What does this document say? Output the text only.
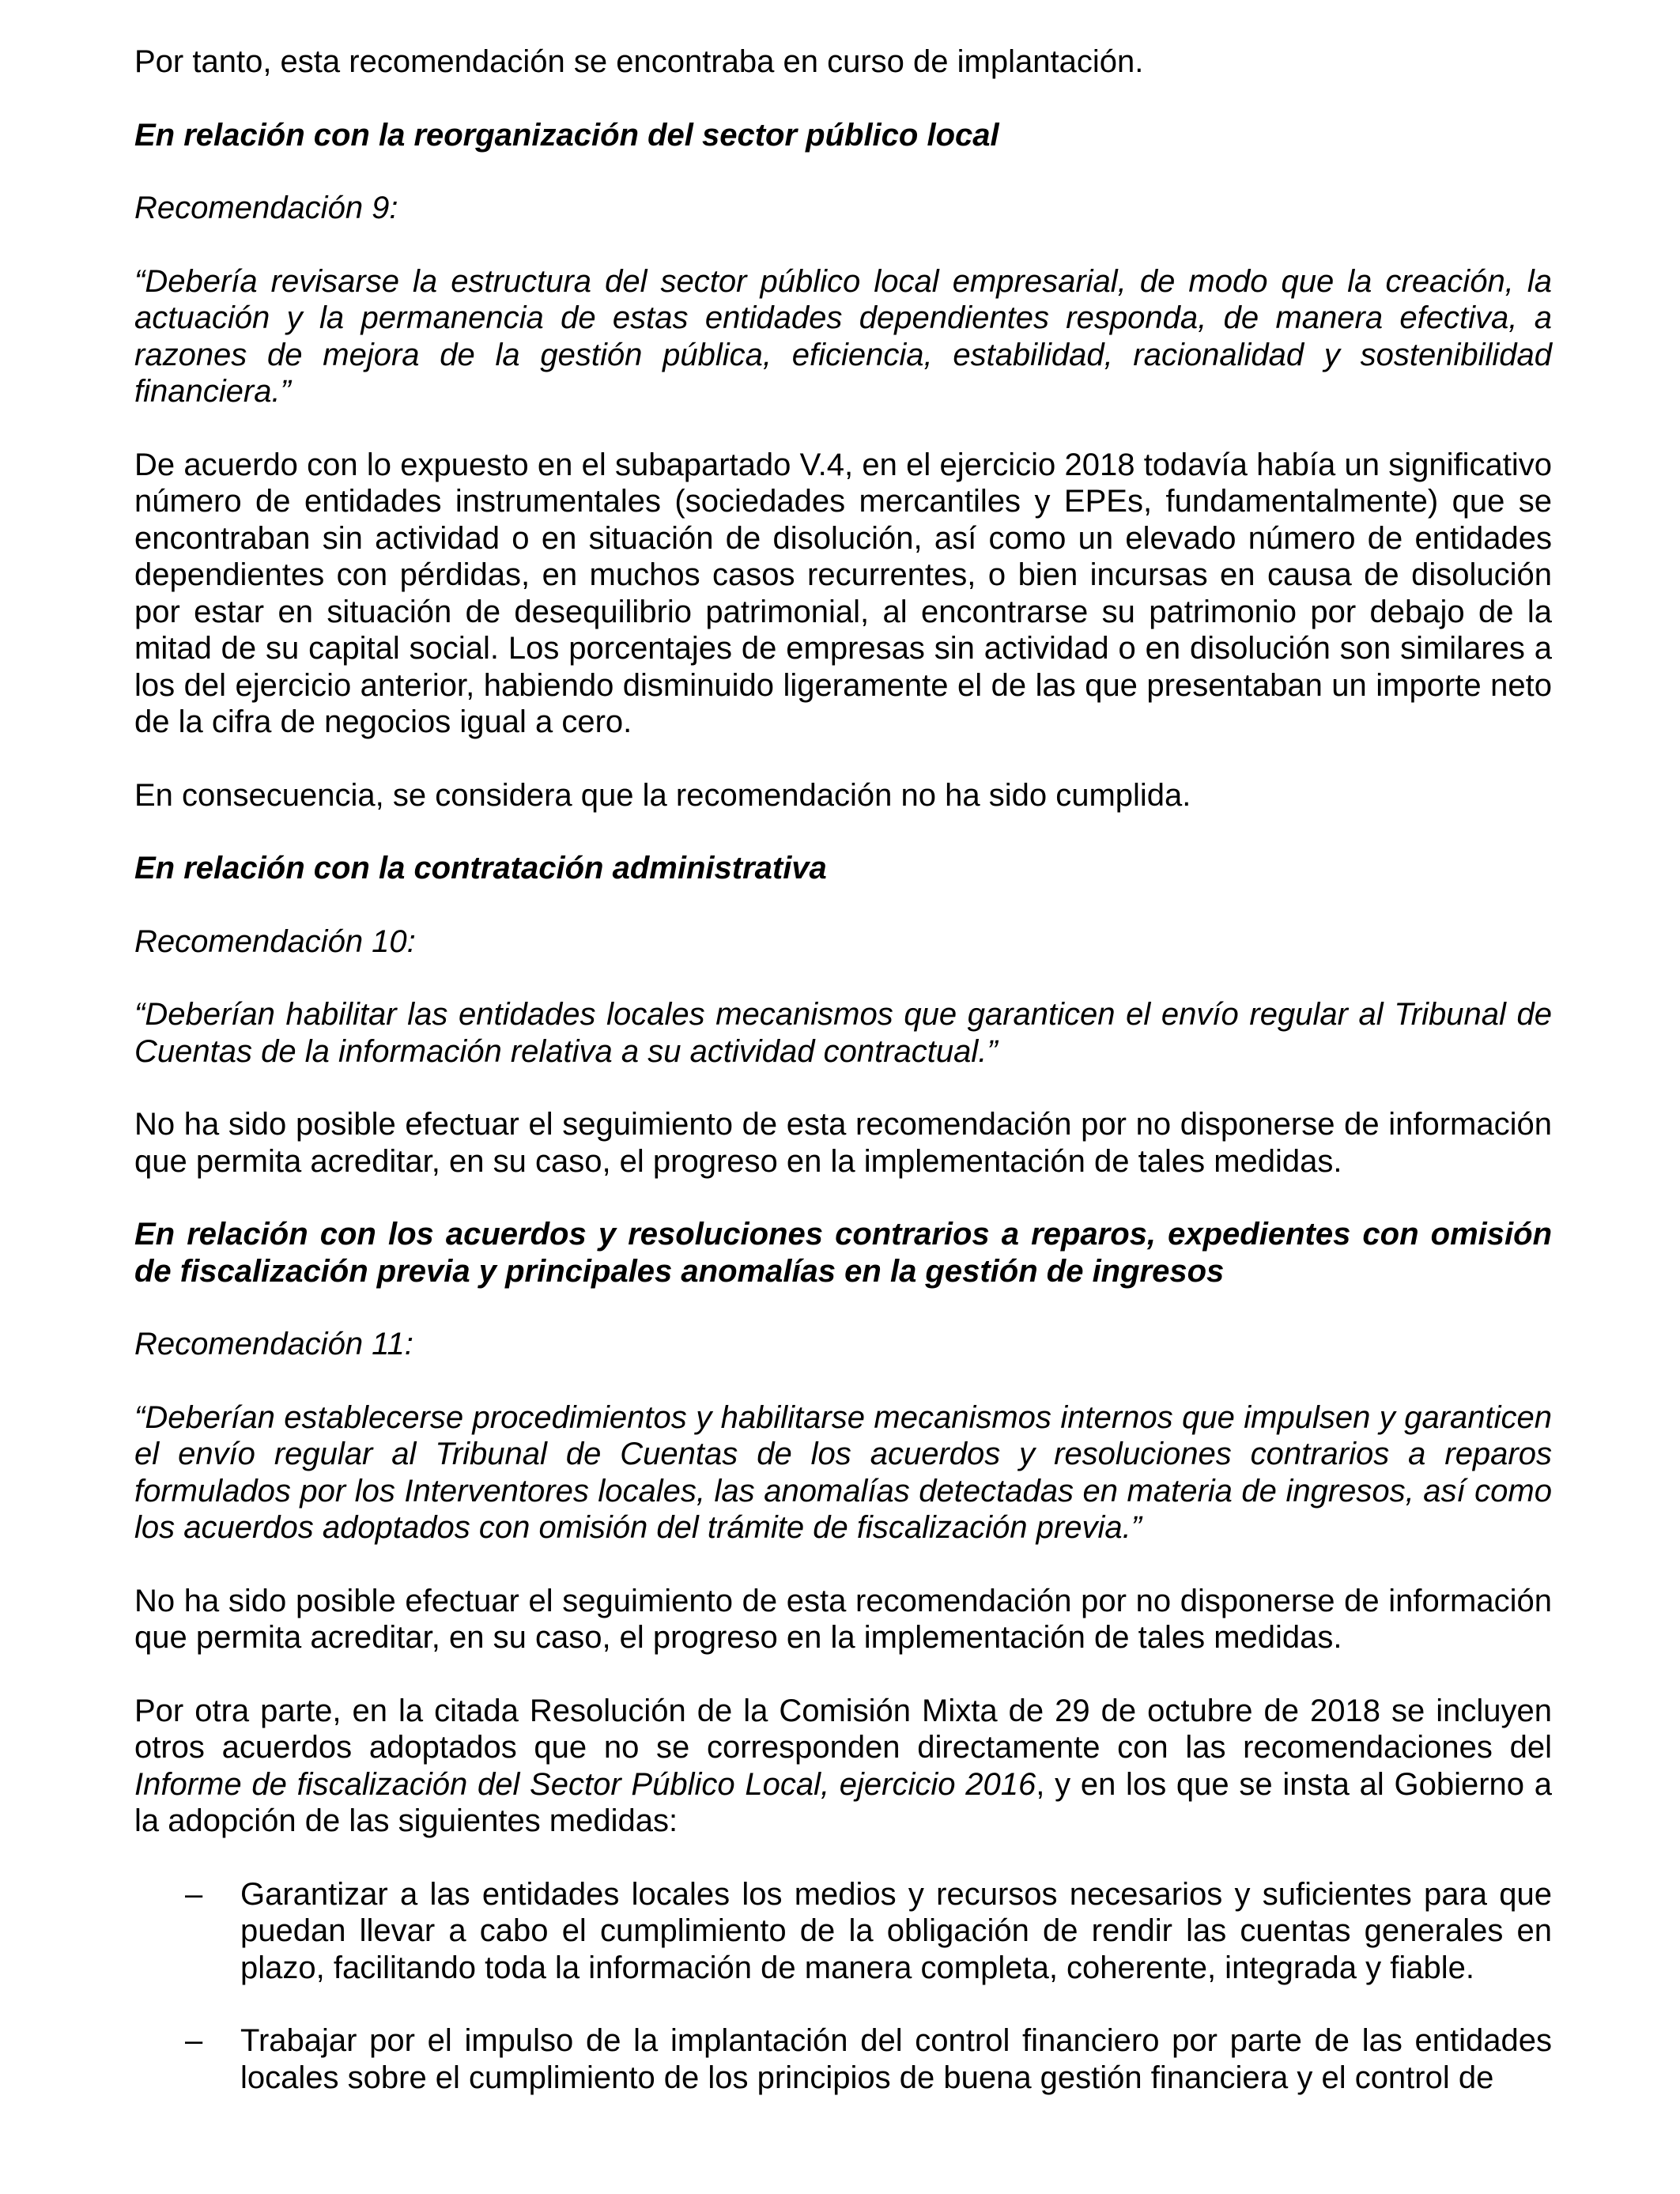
Por tanto, esta recomendación se encontraba en curso de implantación.

En relación con la reorganización del sector público local

Recomendación 9:

“Debería revisarse la estructura del sector público local empresarial, de modo que la creación, la actuación y la permanencia de estas entidades dependientes responda, de manera efectiva, a razones de mejora de la gestión pública, eficiencia, estabilidad, racionalidad y sostenibilidad financiera.”

De acuerdo con lo expuesto en el subapartado V.4, en el ejercicio 2018 todavía había un significativo número de entidades instrumentales (sociedades mercantiles y EPEs, fundamentalmente) que se encontraban sin actividad o en situación de disolución, así como un elevado número de entidades dependientes con pérdidas, en muchos casos recurrentes, o bien incursas en causa de disolución por estar en situación de desequilibrio patrimonial, al encontrarse su patrimonio por debajo de la mitad de su capital social. Los porcentajes de empresas sin actividad o en disolución son similares a los del ejercicio anterior, habiendo disminuido ligeramente el de las que presentaban un importe neto de la cifra de negocios igual a cero.

En consecuencia, se considera que la recomendación no ha sido cumplida.

En relación con la contratación administrativa

Recomendación 10:

“Deberían habilitar las entidades locales mecanismos que garanticen el envío regular al Tribunal de Cuentas de la información relativa a su actividad contractual.”

No ha sido posible efectuar el seguimiento de esta recomendación por no disponerse de información que permita acreditar, en su caso, el progreso en la implementación de tales medidas.

En relación con los acuerdos y resoluciones contrarios a reparos, expedientes con omisión de fiscalización previa y principales anomalías en la gestión de ingresos

Recomendación 11:

“Deberían establecerse procedimientos y habilitarse mecanismos internos que impulsen y garanticen el envío regular al Tribunal de Cuentas de los acuerdos y resoluciones contrarios a reparos formulados por los Interventores locales, las anomalías detectadas en materia de ingresos, así como los acuerdos adoptados con omisión del trámite de fiscalización previa.”

No ha sido posible efectuar el seguimiento de esta recomendación por no disponerse de información que permita acreditar, en su caso, el progreso en la implementación de tales medidas.

Por otra parte, en la citada Resolución de la Comisión Mixta de 29 de octubre de 2018 se incluyen otros acuerdos adoptados que no se corresponden directamente con las recomendaciones del Informe de fiscalización del Sector Público Local, ejercicio 2016, y en los que se insta al Gobierno a la adopción de las siguientes medidas:

– Garantizar a las entidades locales los medios y recursos necesarios y suficientes para que puedan llevar a cabo el cumplimiento de la obligación de rendir las cuentas generales en plazo, facilitando toda la información de manera completa, coherente, integrada y fiable.
– Trabajar por el impulso de la implantación del control financiero por parte de las entidades locales sobre el cumplimiento de los principios de buena gestión financiera y el control de
